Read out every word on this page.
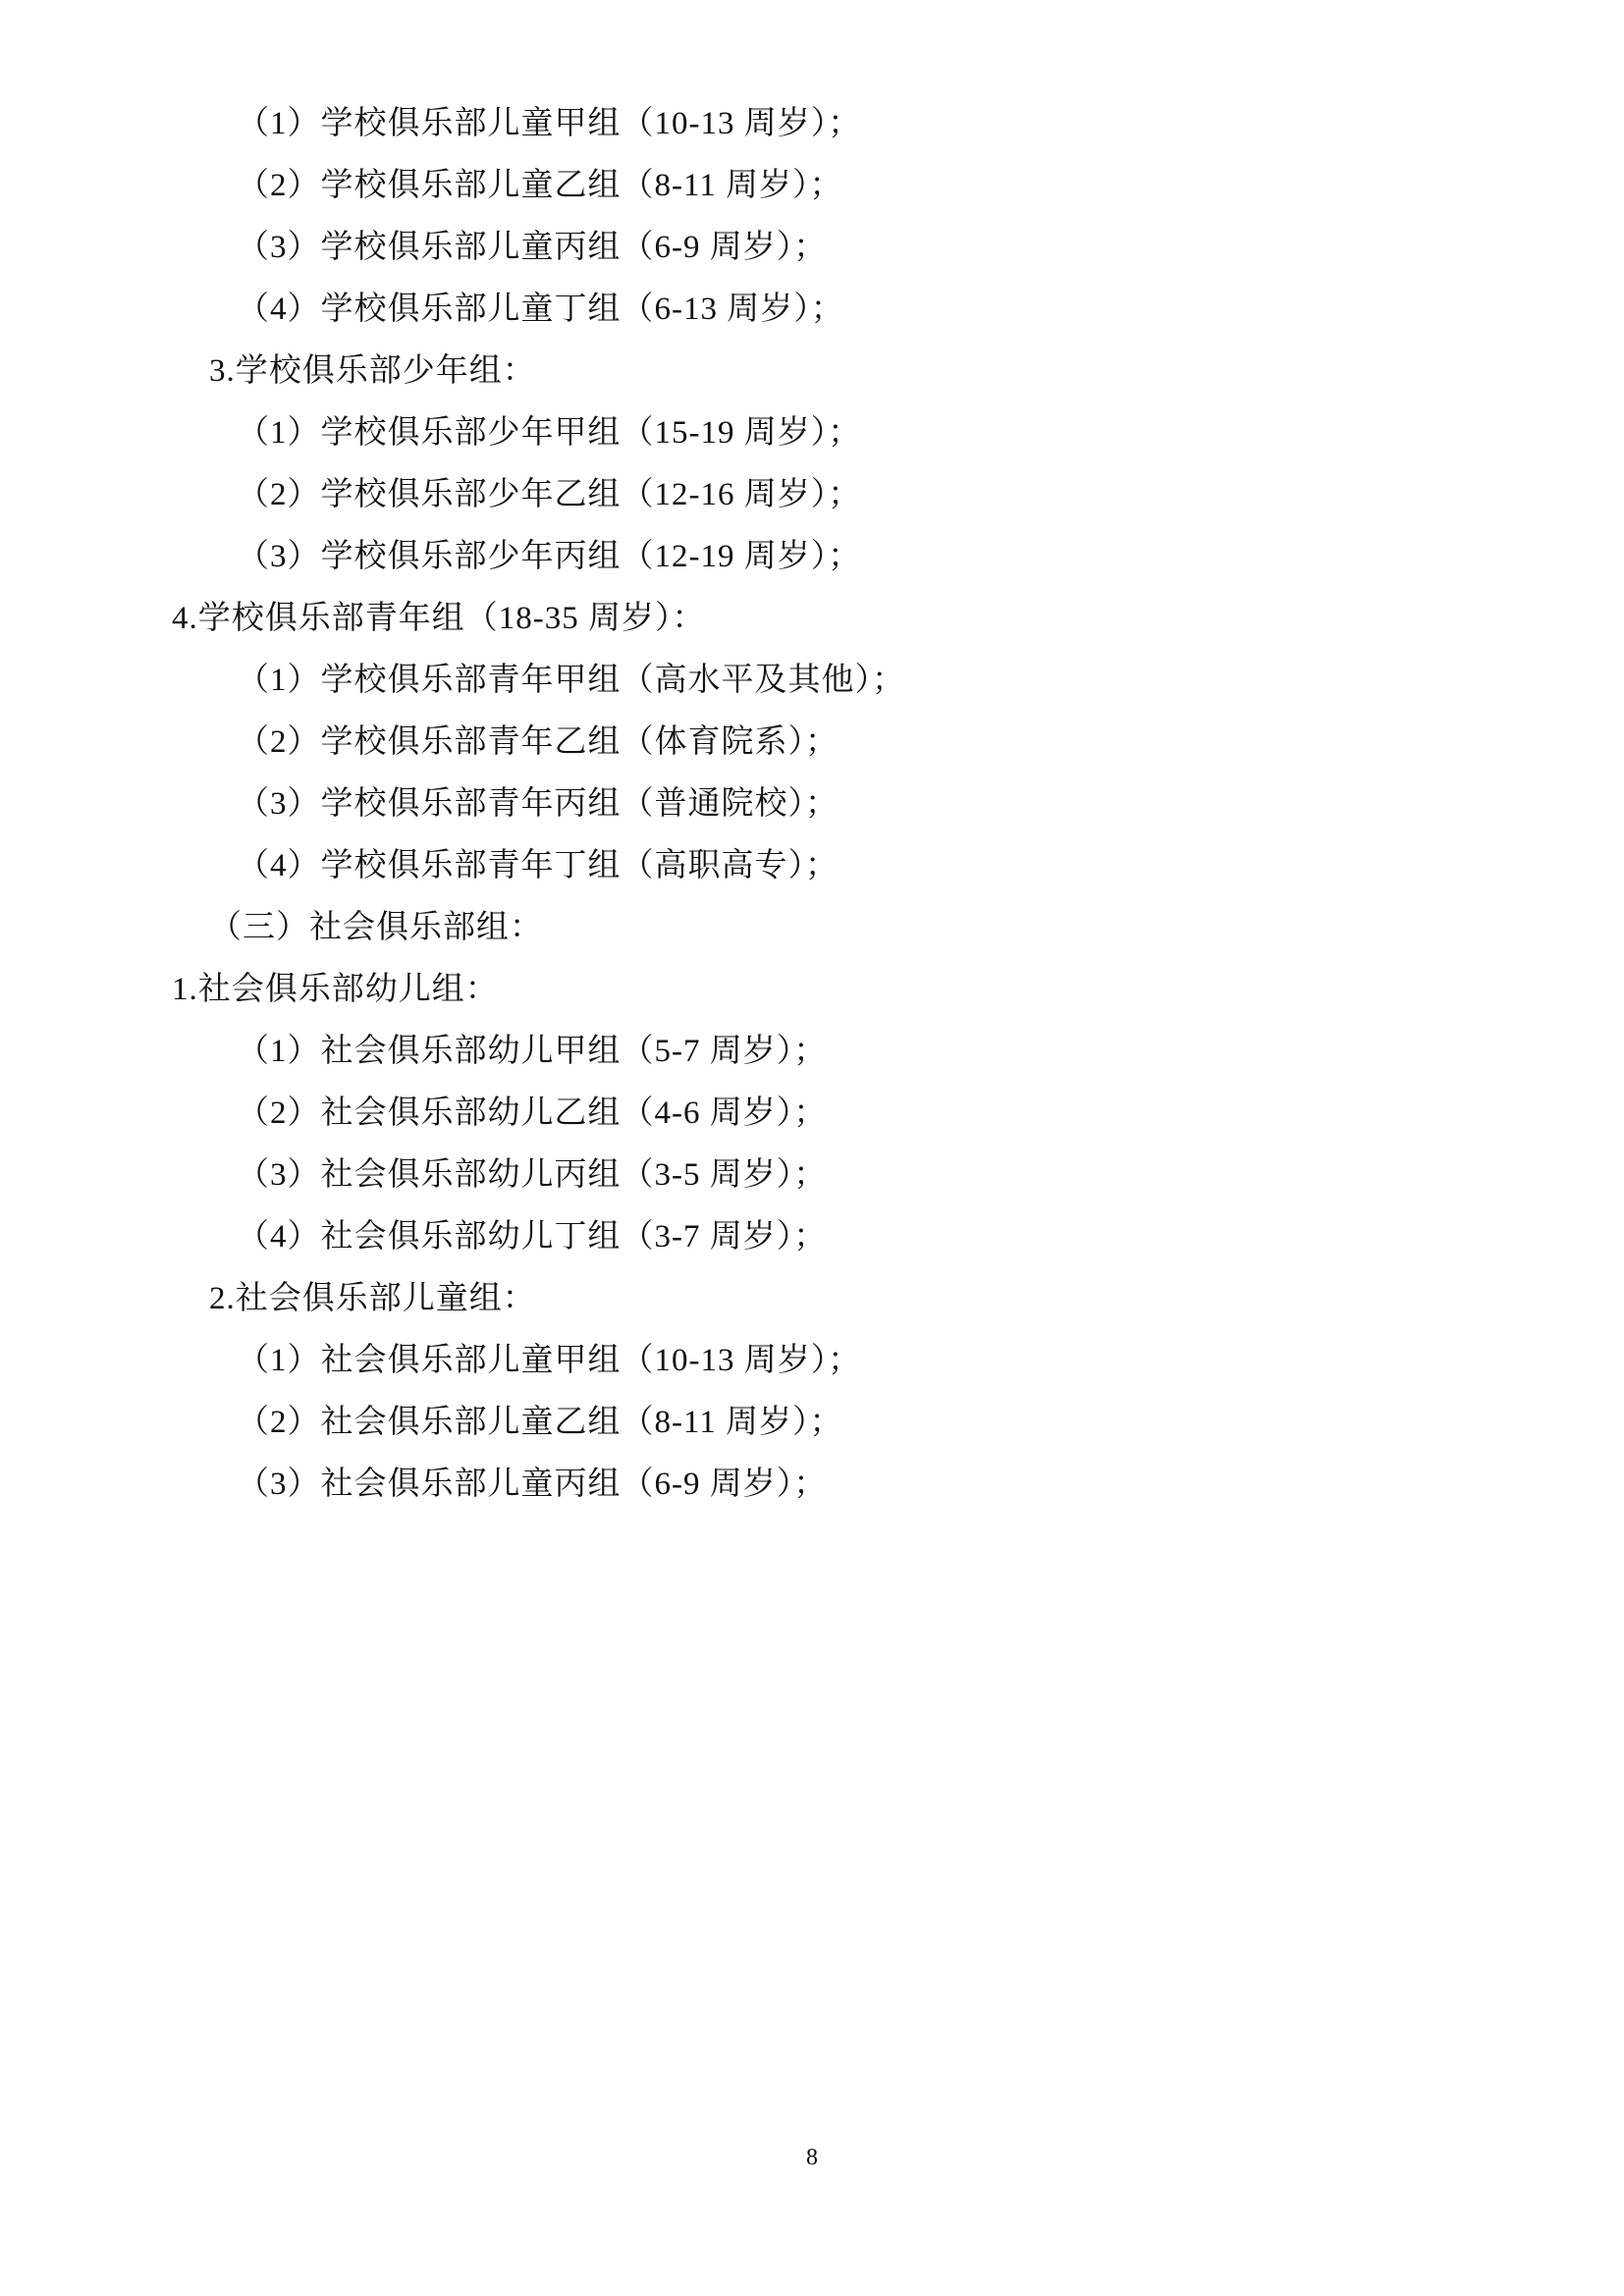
（1）学校俱乐部儿童甲组（10-13 周岁）；
（2）学校俱乐部儿童乙组（8-11 周岁）；
（3）学校俱乐部儿童丙组（6-9 周岁）；
（4）学校俱乐部儿童丁组（6-13 周岁）；
3.学校俱乐部少年组：
（1）学校俱乐部少年甲组（15-19 周岁）；
（2）学校俱乐部少年乙组（12-16 周岁）；
（3）学校俱乐部少年丙组（12-19 周岁）；
4.学校俱乐部青年组（18-35 周岁）：
（1）学校俱乐部青年甲组（高水平及其他）；
（2）学校俱乐部青年乙组（体育院系）；
（3）学校俱乐部青年丙组（普通院校）；
（4）学校俱乐部青年丁组（高职高专）；
（三）社会俱乐部组：
1.社会俱乐部幼儿组：
（1）社会俱乐部幼儿甲组（5-7 周岁）；
（2）社会俱乐部幼儿乙组（4-6 周岁）；
（3）社会俱乐部幼儿丙组（3-5 周岁）；
（4）社会俱乐部幼儿丁组（3-7 周岁）；
2.社会俱乐部儿童组：
（1）社会俱乐部儿童甲组（10-13 周岁）；
（2）社会俱乐部儿童乙组（8-11 周岁）；
（3）社会俱乐部儿童丙组（6-9 周岁）；
8
